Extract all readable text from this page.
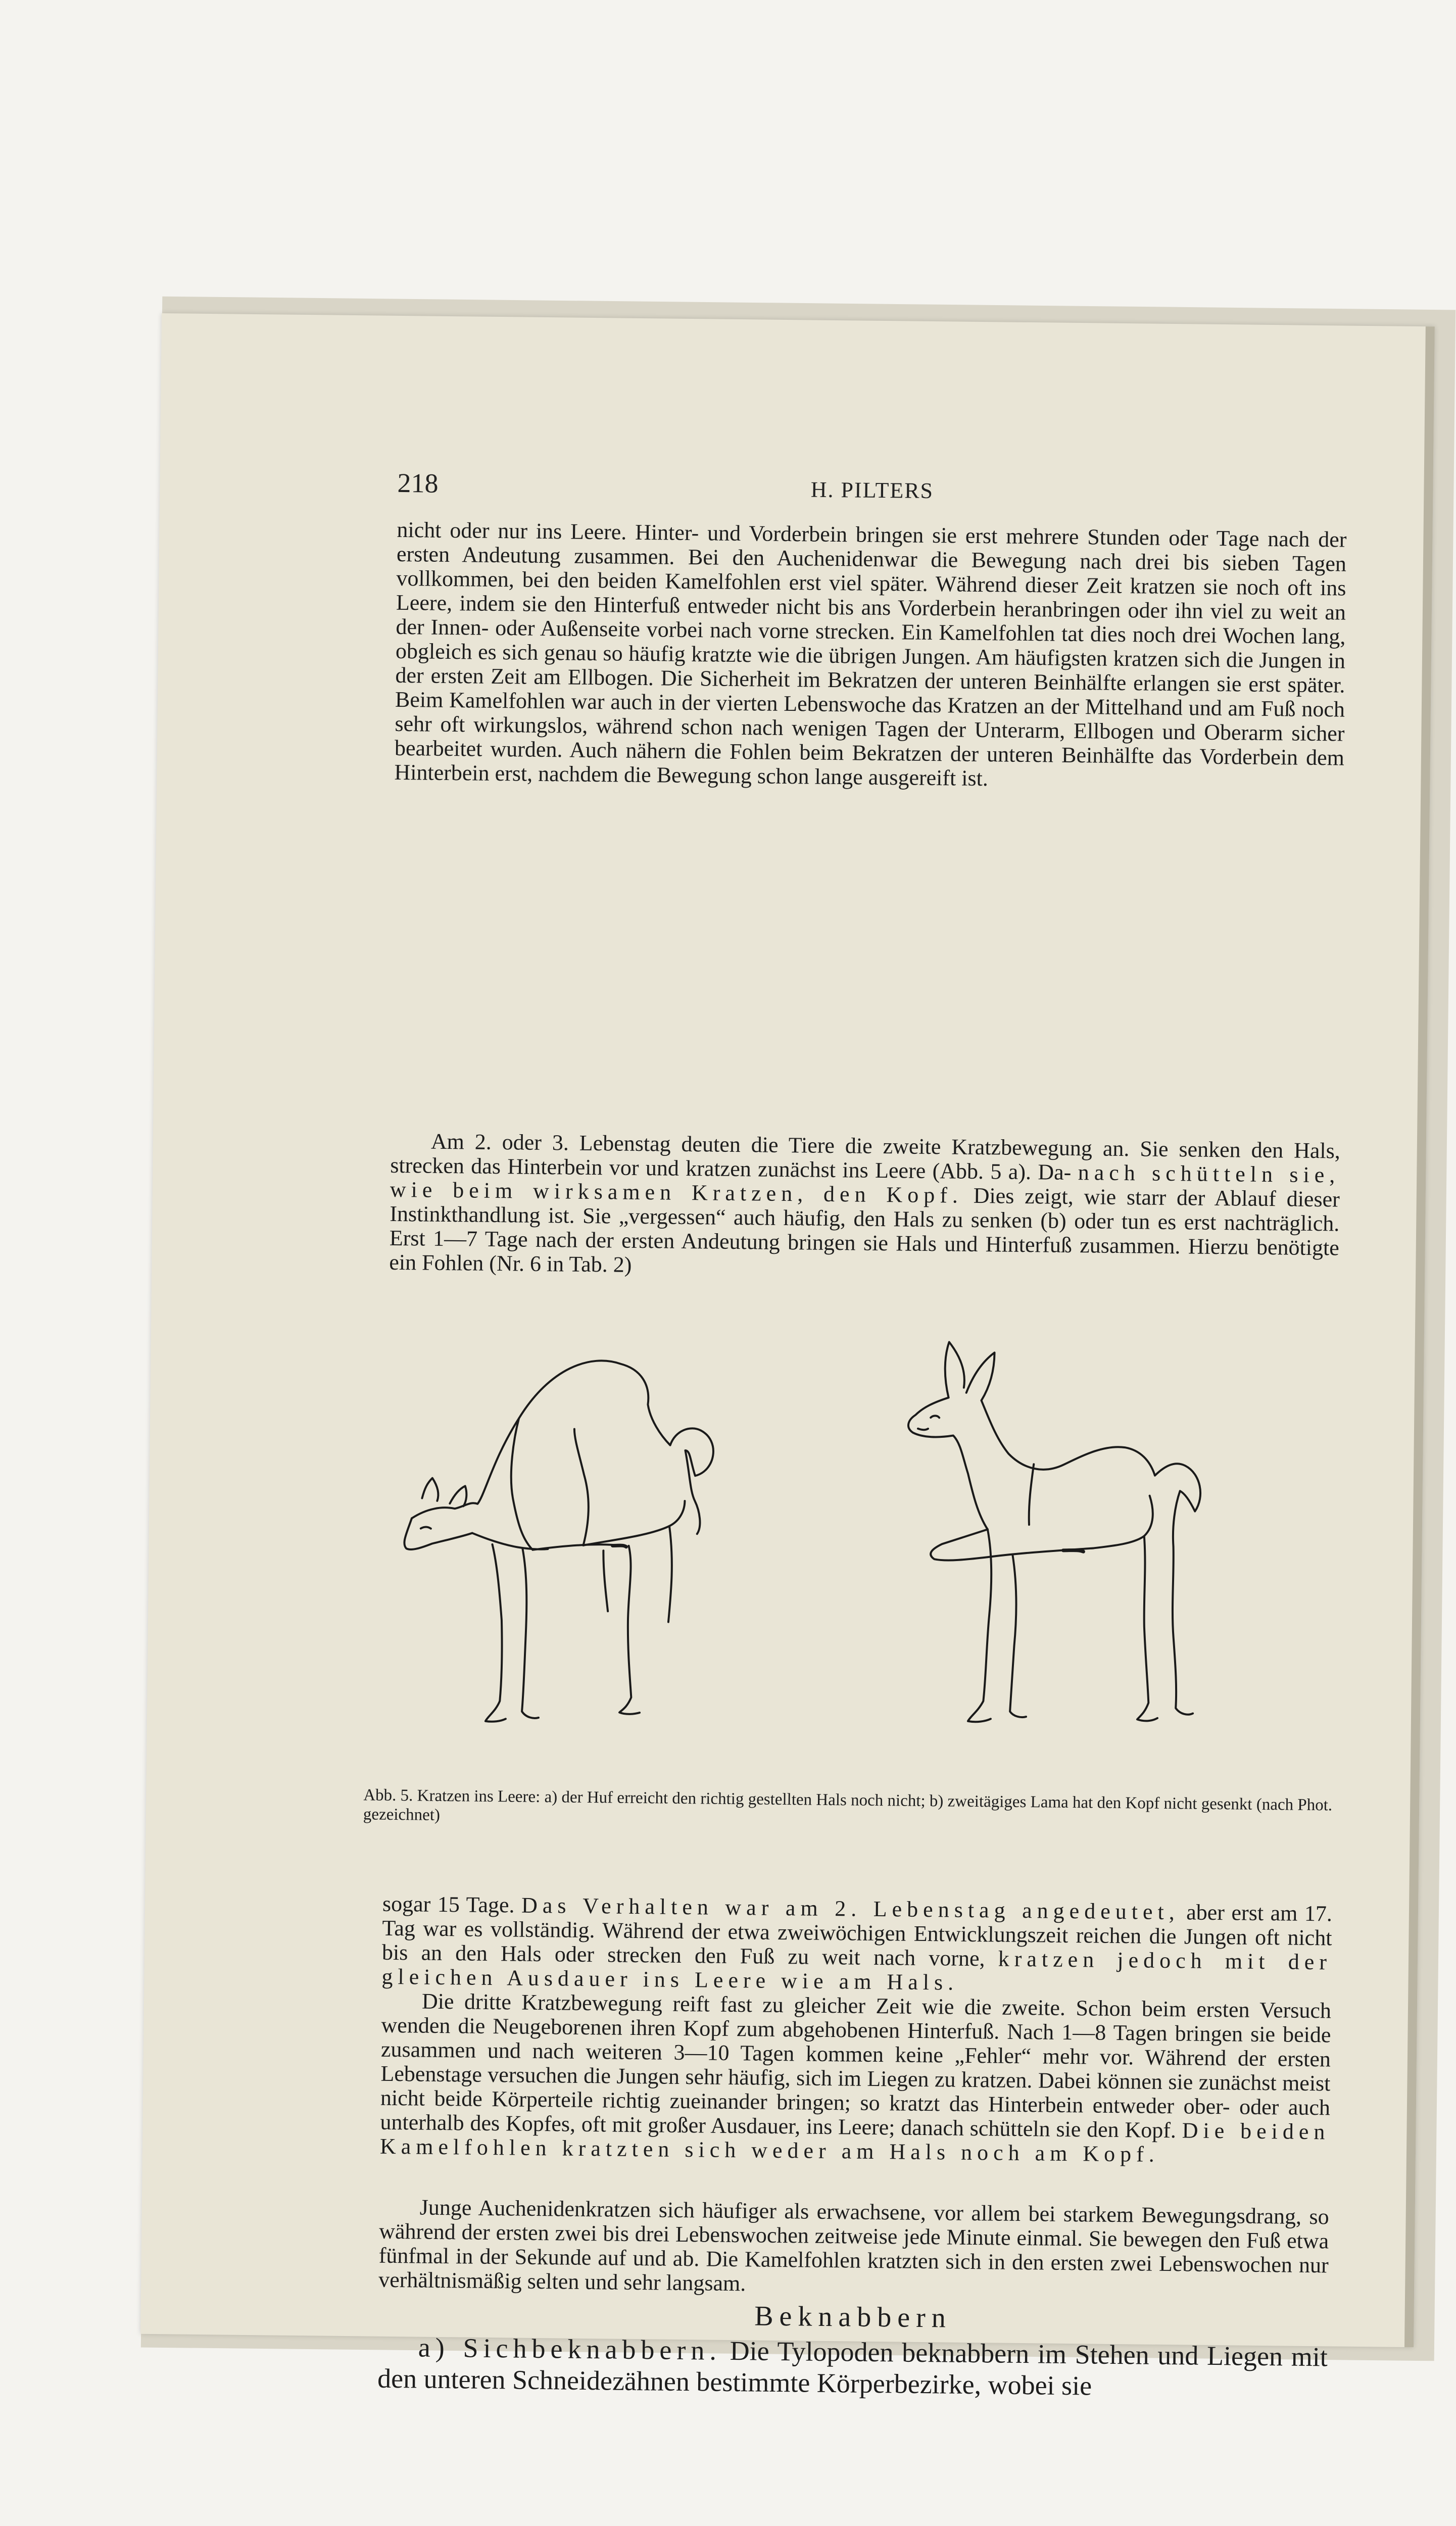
218	H. PILTERS

nicht oder nur ins Leere. Hinter- und Vorderbein bringen sie erst mehrere Stunden oder Tage nach der ersten Andeutung zusammen. Bei den Auchenidenwar die Bewegung nach drei bis sieben Tagen vollkommen, bei den beiden Kamelfohlen erst viel später. Während dieser Zeit kratzen sie noch oft ins Leere, indem sie den Hinterfuß entweder nicht bis ans Vorderbein heranbringen oder ihn viel zu weit an der Innen- oder Außenseite vorbei nach vorne strecken. Ein Kamelfohlen tat dies noch drei Wochen lang, obgleich es sich genau so häufig kratzte wie die übrigen Jungen. Am häufigsten kratzen sich die Jungen in der ersten Zeit am Ellbogen. Die Sicherheit im Bekratzen der unteren Beinhälfte erlangen sie erst später. Beim Kamelfohlen war auch in der vierten Lebenswoche das Kratzen an der Mittelhand und am Fuß noch sehr oft wirkungslos, während schon nach wenigen Tagen der Unterarm, Ellbogen und Oberarm sicher bearbeitet wurden. Auch nähern die Fohlen beim Bekratzen der unteren Beinhälfte das Vorderbein dem Hinterbein erst, nachdem die Bewegung schon lange ausgereift ist.

Am 2. oder 3. Lebenstag deuten die Tiere die zweite Kratzbewegung an. Sie senken den Hals, strecken das Hinterbein vor und kratzen zunächst ins Leere (Abb. 5 a). Da- nach schütteln sie, wie beim wirksamen Kratzen, den Kopf. Dies zeigt, wie starr der Ablauf dieser Instinkthandlung ist. Sie „vergessen“ auch häufig, den Hals zu senken (b) oder tun es erst nachträglich. Erst 1—7 Tage nach der ersten Andeutung bringen sie Hals und Hinterfuß zusammen. Hierzu benötigte ein Fohlen (Nr. 6 in Tab. 2)

Abb. 5. Kratzen ins Leere: a) der Huf erreicht den richtig gestellten Hals noch nicht; b) zweitägiges Lama hat den Kopf nicht gesenkt (nach Phot. gezeichnet)

sogar 15 Tage. Das Verhalten war am 2. Lebenstag angedeutet, aber erst am 17. Tag war es vollständig. Während der etwa zweiwöchigen Entwicklungszeit reichen die Jungen oft nicht bis an den Hals oder strecken den Fuß zu weit nach vorne, kratzen jedoch mit der gleichen Ausdauer ins Leere wie am Hals.

Die dritte Kratzbewegung reift fast zu gleicher Zeit wie die zweite. Schon beim ersten Versuch wenden die Neugeborenen ihren Kopf zum abgehobenen Hinterfuß. Nach 1—8 Tagen bringen sie beide zusammen und nach weiteren 3—10 Tagen kommen keine „Fehler“ mehr vor. Während der ersten Lebenstage versuchen die Jungen sehr häufig, sich im Liegen zu kratzen. Dabei können sie zunächst meist nicht beide Körperteile richtig zueinander bringen; so kratzt das Hinterbein entweder ober- oder auch unterhalb des Kopfes, oft mit großer Ausdauer, ins Leere; danach schütteln sie den Kopf. Die beiden Kamelfohlen kratzten sich weder am Hals noch am Kopf.

Junge Auchenidenkratzen sich häufiger als erwachsene, vor allem bei starkem Bewegungsdrang, so während der ersten zwei bis drei Lebenswochen zeitweise jede Minute einmal. Sie bewegen den Fuß etwa fünfmal in der Sekunde auf und ab. Die Kamelfohlen kratzten sich in den ersten zwei Lebenswochen nur verhältnismäßig selten und sehr langsam.

Beknabbern

a) Sichbeknabbern. Die Tylopoden beknabbern im Stehen und Liegen mit den unteren Schneidezähnen bestimmte Körperbezirke, wobei sie
